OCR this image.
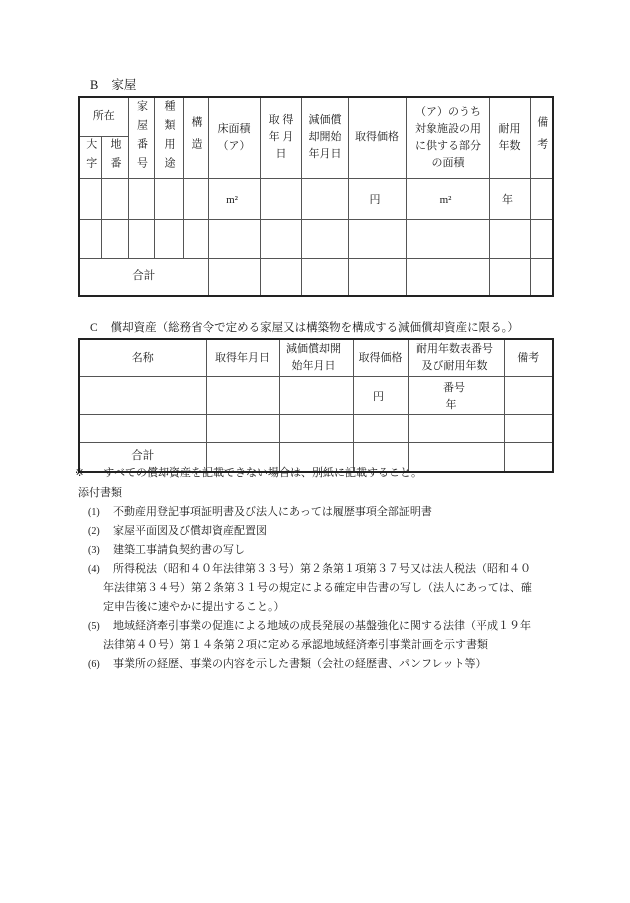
B 家屋
所在		家屋番号	種類用途	構造	床面積（ア）	取 得 年 月 日	減価償却開始年月日	取得価格	（ア）のうち対象施設の用に供する部分の面積	耐用年数	備考
大字	地番										
					m²			円	m²	年	

合計											
C 償却資産（総務省令で定める家屋又は構築物を構成する減価償却資産に限る。）
名称	取得年月日	減価償却開始年月日	取得価格	耐用年数表番号及び耐用年数	備考
			円	番号
年	

合計					
※ すべての償却資産を記載できない場合は、別紙に記載すること。
添付書類
(1) 不動産用登記事項証明書及び法人にあっては履歴事項全部証明書
(2) 家屋平面図及び償却資産配置図
(3) 建築工事請負契約書の写し
(4) 所得税法（昭和４０年法律第３３号）第２条第１項第３７号又は法人税法（昭和４０年法律第３４号）第２条第３１号の規定による確定申告書の写し（法人にあっては、確定申告後に速やかに提出すること。）
(5) 地域経済牽引事業の促進による地域の成長発展の基盤強化に関する法律（平成１９年法律第４０号）第１４条第２項に定める承認地域経済牽引事業計画を示す書類
(6) 事業所の経歴、事業の内容を示した書類（会社の経歴書、パンフレット等）
